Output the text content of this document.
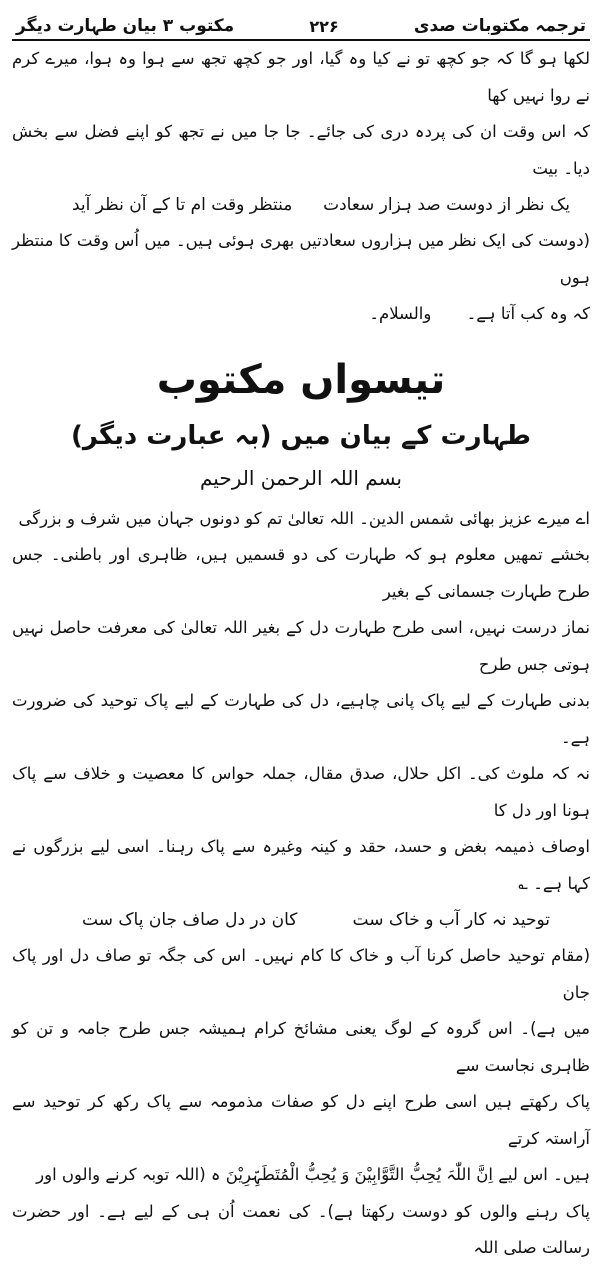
ترجمہ مکتوبات صدی
۲۲۶
مکتوب ۳ بیان طہارت دیگر

لکھا ہو گا کہ جو کچھ تو نے کیا وہ گیا، اور جو کچھ تجھ سے ہوا وہ ہوا، میرے کرم نے روا نہیں کھا

کہ اس وقت ان کی پردہ دری کی جائے۔ جا جا میں نے تجھ کو اپنے فضل سے بخش دیا۔ بیت

یک نظر از دوست صد ہزار سعادت
منتظر وقت ام تا کے آن نظر آید

(دوست کی ایک نظر میں ہزاروں سعادتیں بھری ہوئی ہیں۔ میں اُس وقت کا منتظر ہوں

کہ وہ کب آتا ہے۔ والسلام۔

تیسواں مکتوب
طہارت کے بیان میں (بہ عبارت دیگر)
بسم اللہ الرحمن الرحیم

اے میرے عزیز بھائی شمس الدین۔ اللہ تعالیٰ تم کو دونوں جہان میں شرف و بزرگی

بخشے تمھیں معلوم ہو کہ طہارت کی دو قسمیں ہیں، ظاہری اور باطنی۔ جس طرح طہارت جسمانی کے بغیر

نماز درست نہیں، اسی طرح طہارت دل کے بغیر اللہ تعالیٰ کی معرفت حاصل نہیں ہوتی جس طرح

بدنی طہارت کے لیے پاک پانی چاہیے، دل کی طہارت کے لیے پاک توحید کی ضرورت ہے۔

نہ کہ ملوث کی۔ اکل حلال، صدق مقال، جملہ حواس کا معصیت و خلاف سے پاک ہونا اور دل کا

اوصاف ذمیمہ بغض و حسد، حقد و کینہ وغیرہ سے پاک رہنا۔ اسی لیے بزرگوں نے کہا ہے۔ ؎

توحید نہ کار آب و خاک ست
کان در دل صاف جان پاک ست

(مقام توحید حاصل کرنا آب و خاک کا کام نہیں۔ اس کی جگہ تو صاف دل اور پاک جان

میں ہے)۔ اس گروہ کے لوگ یعنی مشائخ کرام ہمیشہ جس طرح جامہ و تن کو ظاہری نجاست سے

پاک رکھتے ہیں اسی طرح اپنے دل کو صفات مذمومہ سے پاک رکھ کر توحید سے آراستہ کرتے

ہیں۔ اس لیے اِنَّ اللّٰہَ یُحِبُّ التَّوَّابِیْنَ وَ یُحِبُّ الْمُتَطَہِّرِیْنَ ہ (اللہ توبہ کرنے والوں اور

پاک رہنے والوں کو دوست رکھتا ہے)۔ کی نعمت اُن ہی کے لیے ہے۔ اور حضرت رسالت صلی اللہ
